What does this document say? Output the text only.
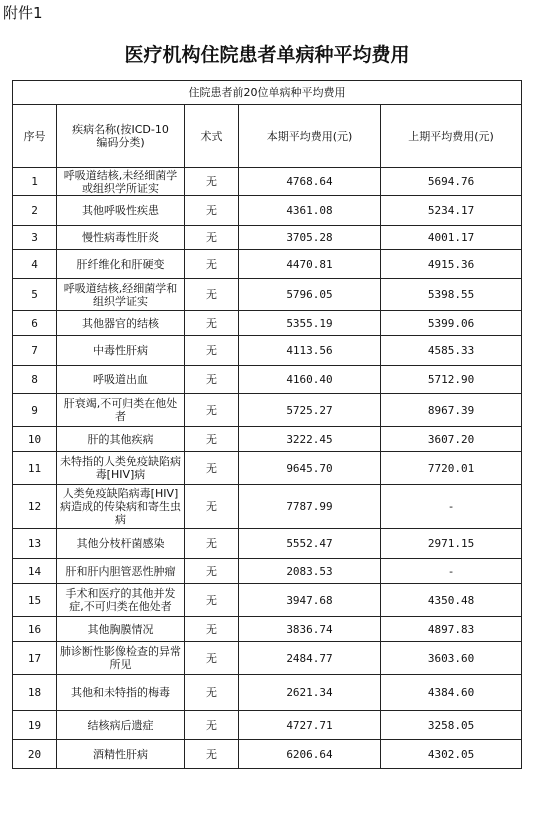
附件1
医疗机构住院患者单病种平均费用
住院患者前20位单病种平均费用				
序号	疾病名称(按ICD-10编码分类)	术式	本期平均费用(元)	上期平均费用(元)
1	呼吸道结核,未经细菌学或组织学所证实	无	4768.64	5694.76
2	其他呼吸性疾患	无	4361.08	5234.17
3	慢性病毒性肝炎	无	3705.28	4001.17
4	肝纤维化和肝硬变	无	4470.81	4915.36
5	呼吸道结核,经细菌学和组织学证实	无	5796.05	5398.55
6	其他器官的结核	无	5355.19	5399.06
7	中毒性肝病	无	4113.56	4585.33
8	呼吸道出血	无	4160.40	5712.90
9	肝衰竭,不可归类在他处者	无	5725.27	8967.39
10	肝的其他疾病	无	3222.45	3607.20
11	未特指的人类免疫缺陷病毒[HIV]病	无	9645.70	7720.01
12	人类免疫缺陷病毒[HIV]病造成的传染病和寄生虫病	无	7787.99	-
13	其他分枝杆菌感染	无	5552.47	2971.15
14	肝和肝内胆管恶性肿瘤	无	2083.53	-
15	手术和医疗的其他并发症,不可归类在他处者	无	3947.68	4350.48
16	其他胸膜情况	无	3836.74	4897.83
17	肺诊断性影像检查的异常所见	无	2484.77	3603.60
18	其他和未特指的梅毒	无	2621.34	4384.60
19	结核病后遗症	无	4727.71	3258.05
20	酒精性肝病	无	6206.64	4302.05
